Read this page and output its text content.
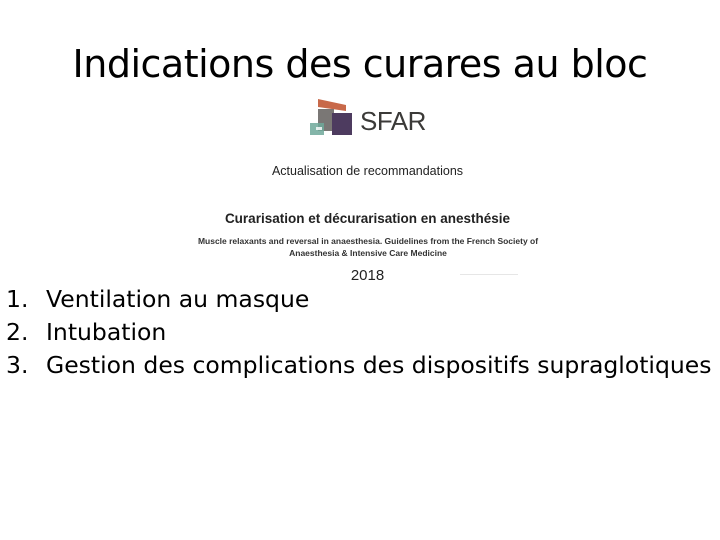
Indications des curares au bloc
SFAR
Actualisation de recommandations
Curarisation et décurarisation en anesthésie
Muscle relaxants and reversal in anaesthesia. Guidelines from the French Society of
Anaesthesia & Intensive Care Medicine
2018
1. Ventilation au masque
2. Intubation
3. Gestion des complications des dispositifs supraglotiques
